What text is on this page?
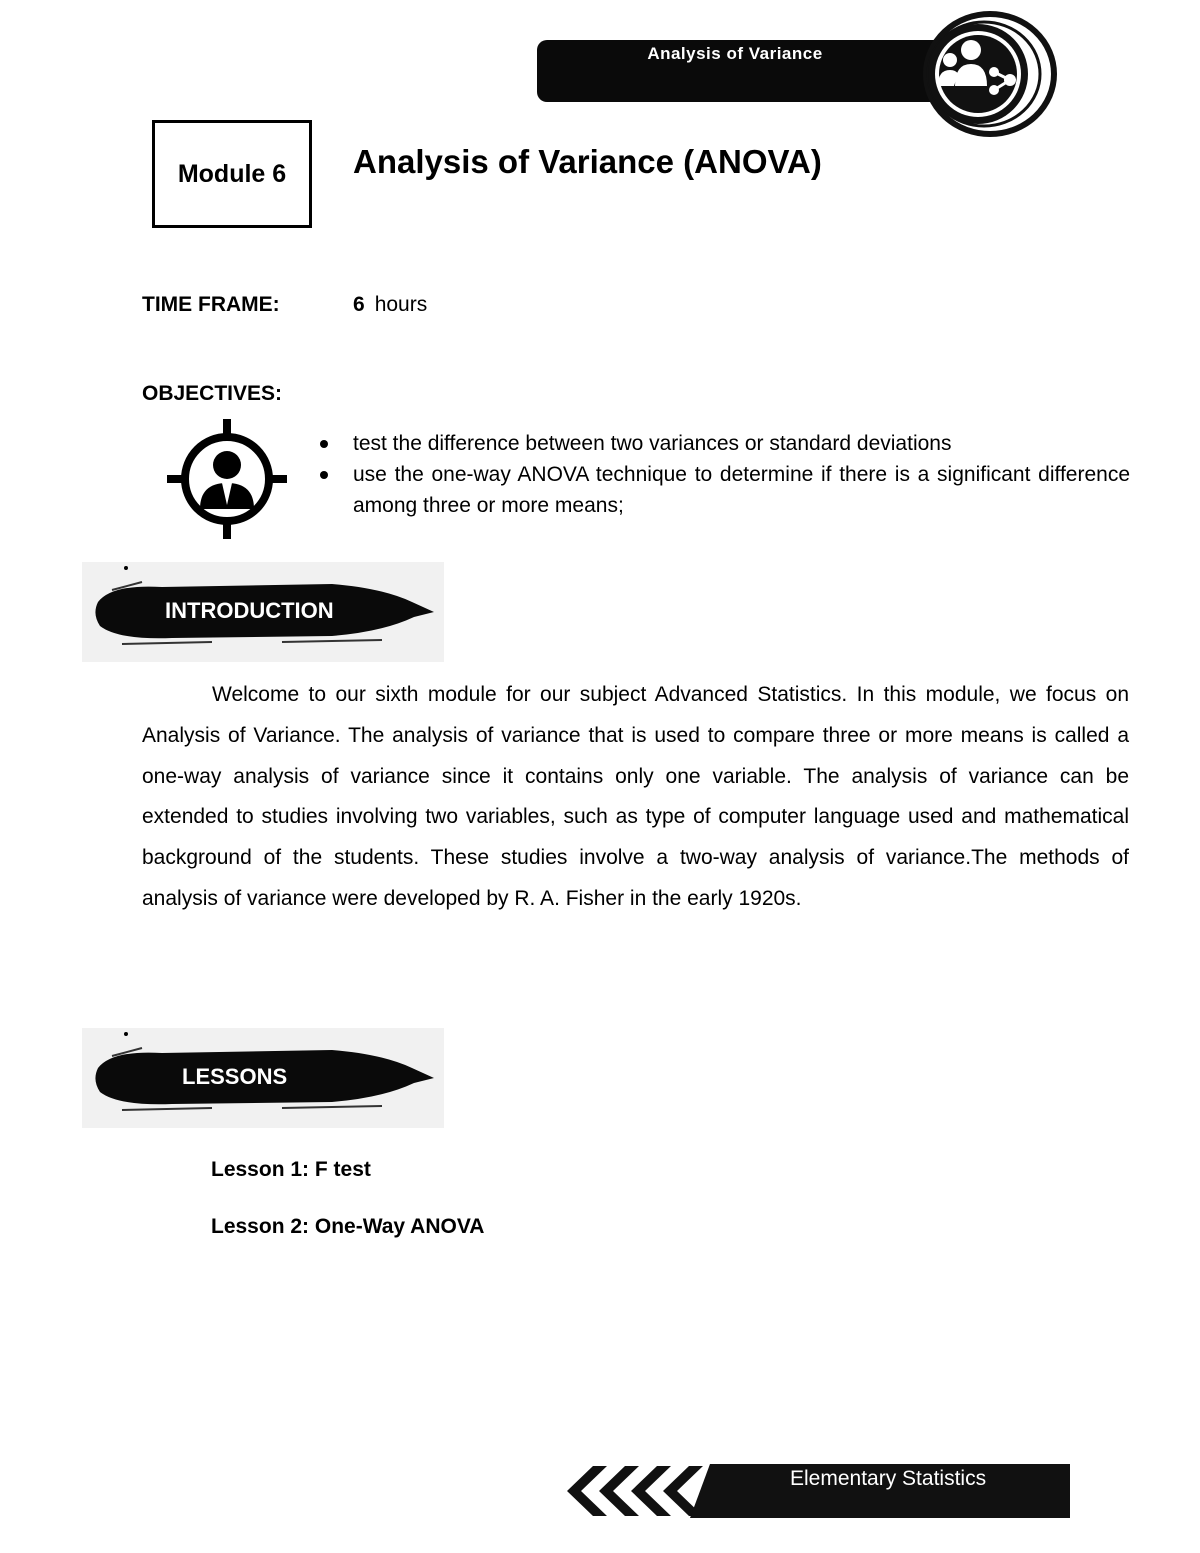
Analysis of Variance
Module 6 Analysis of Variance (ANOVA)
TIME FRAME:	6 hours
OBJECTIVES:
test the difference between two variances or standard deviations
use the one-way ANOVA technique to determine if there is a significant difference among three or more means;
INTRODUCTION

Welcome to our sixth module for our subject Advanced Statistics. In this module, we focus on Analysis of Variance. The analysis of variance that is used to compare three or more means is called a one-way analysis of variance since it contains only one variable. The analysis of variance can be extended to studies involving two variables, such as type of computer language used and mathematical background of the students. These studies involve a two-way analysis of variance.The methods of analysis of variance were developed by R. A. Fisher in the early 1920s.

LESSONS
Lesson 1: F test
Lesson 2: One-Way ANOVA
Elementary Statistics
